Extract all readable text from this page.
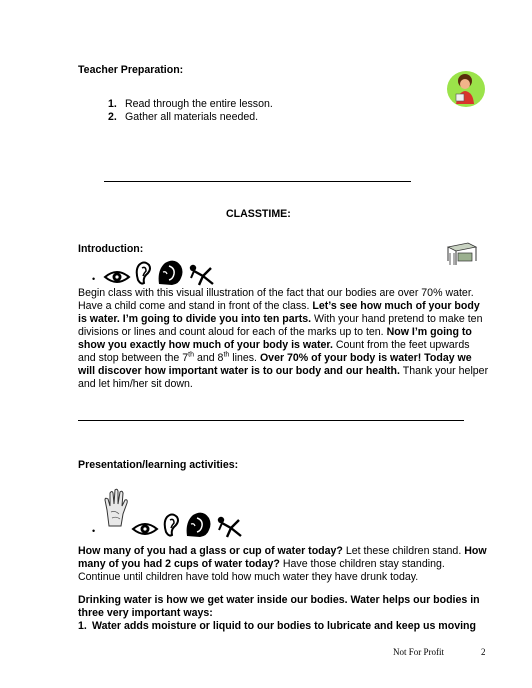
Teacher Preparation:
1. Read through the entire lesson.
2. Gather all materials needed.
CLASSTIME:
Introduction:
•
Begin class with this visual illustration of the fact that our bodies are over 70% water. Have a child come and stand in front of the class. Let’s see how much of your body is water. I’m going to divide you into ten parts. With your hand pretend to make ten divisions or lines and count aloud for each of the marks up to ten. Now I’m going to show you exactly how much of your body is water. Count from the feet upwards and stop between the 7th and 8th lines. Over 70% of your body is water! Today we will discover how important water is to our body and our health. Thank your helper and let him/her sit down.
Presentation/learning activities:
•
How many of you had a glass or cup of water today? Let these children stand. How many of you had 2 cups of water today? Have those children stay standing. Continue until children have told how much water they have drunk today.
Drinking water is how we get water inside our bodies. Water helps our bodies in three very important ways:
1. Water adds moisture or liquid to our bodies to lubricate and keep us moving
Not For Profit	2
